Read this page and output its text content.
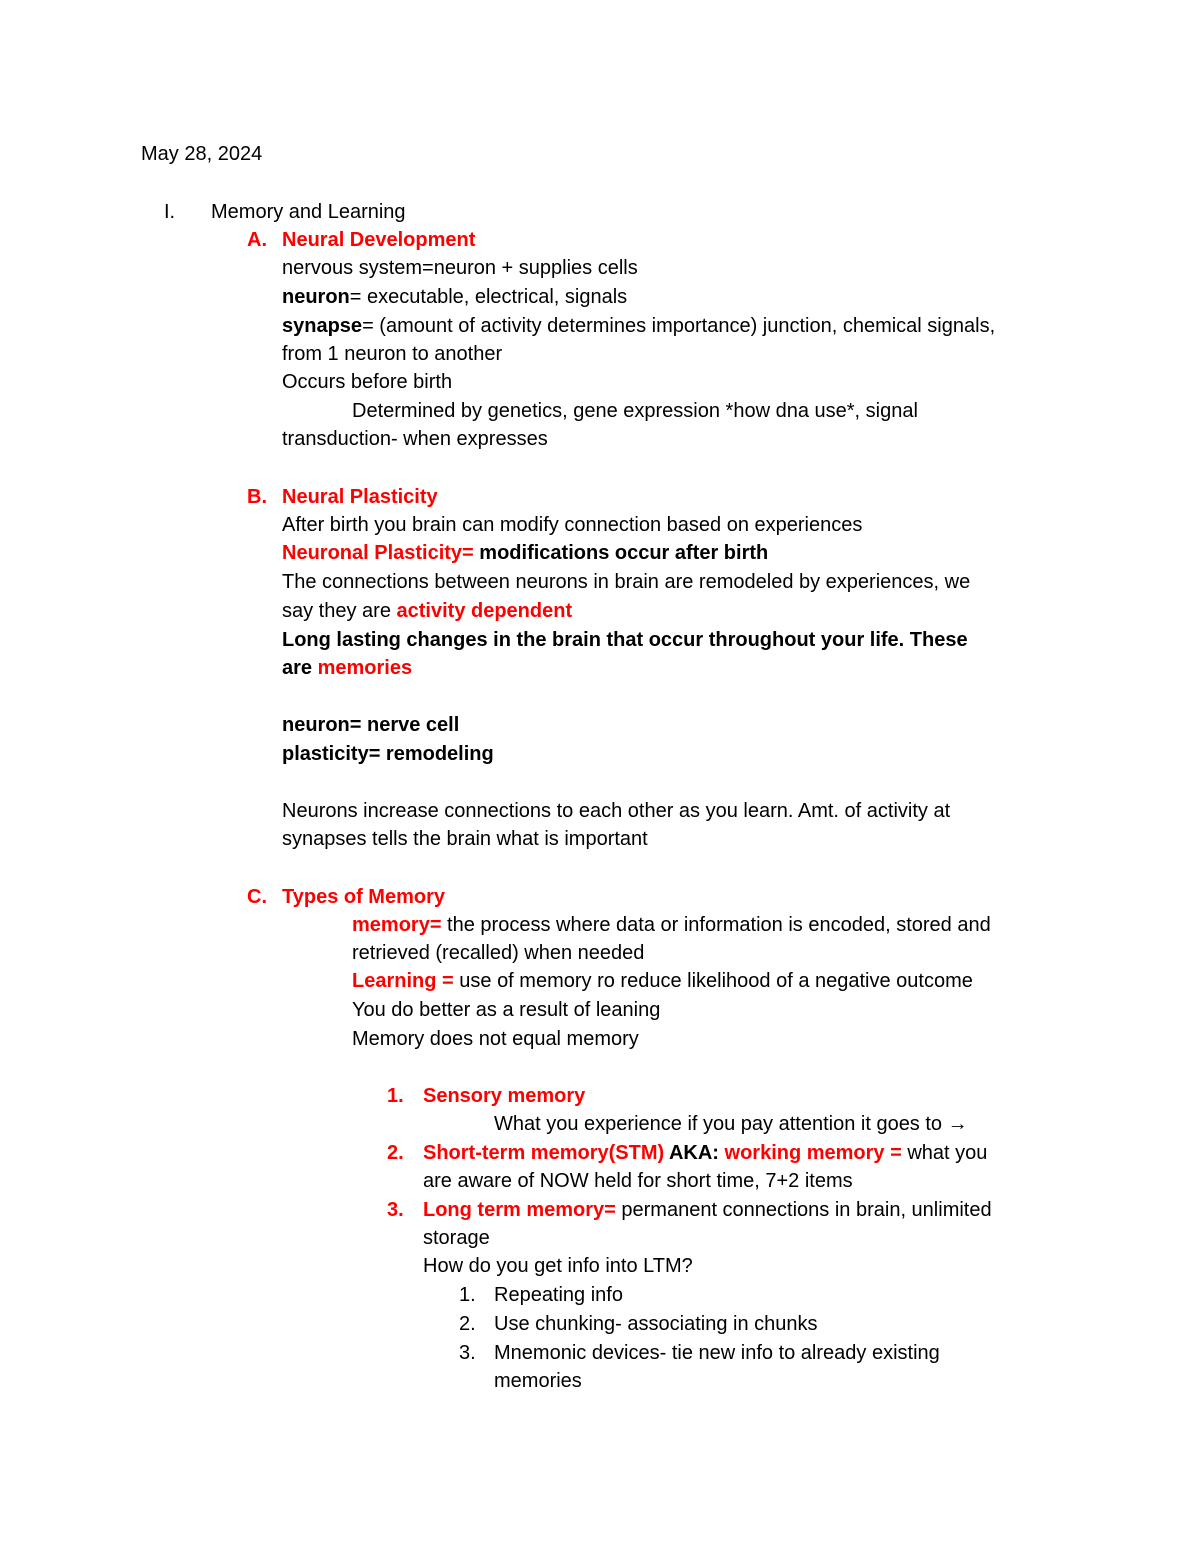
May 28, 2024
I. Memory and Learning
A. Neural Development
nervous system=neuron + supplies cells
neuron= executable, electrical, signals
synapse= (amount of activity determines importance) junction, chemical signals,
from 1 neuron to another
Occurs before birth
Determined by genetics, gene expression *how dna use*, signal
transduction- when expresses
B. Neural Plasticity
After birth you brain can modify connection based on experiences
Neuronal Plasticity= modifications occur after birth
The connections between neurons in brain are remodeled by experiences, we
say they are activity dependent
Long lasting changes in the brain that occur throughout your life. These
are memories
neuron= nerve cell
plasticity= remodeling
Neurons increase connections to each other as you learn. Amt. of activity at
synapses tells the brain what is important
C. Types of Memory
memory= the process where data or information is encoded, stored and
retrieved (recalled) when needed
Learning = use of memory ro reduce likelihood of a negative outcome
You do better as a result of leaning
Memory does not equal memory
1. Sensory memory
What you experience if you pay attention it goes to →
2. Short-term memory(STM) AKA: working memory = what you
are aware of NOW held for short time, 7+2 items
3. Long term memory= permanent connections in brain, unlimited
storage
How do you get info into LTM?
1. Repeating info
2. Use chunking- associating in chunks
3. Mnemonic devices- tie new info to already existing
memories
